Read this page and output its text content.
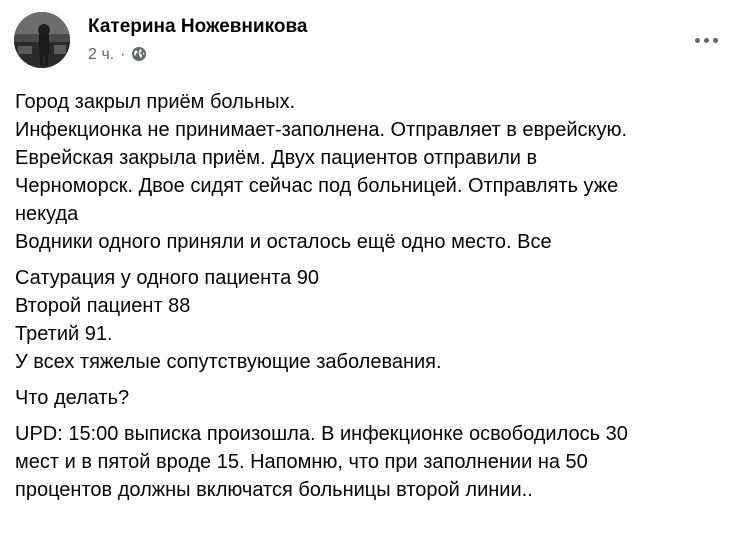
Катерина Ножевникова
2 ч. ·
Город закрыл приём больных.
Инфекционка не принимает-заполнена. Отправляет в еврейскую.
Еврейская закрыла приём. Двух пациентов отправили в
Черноморск. Двое сидят сейчас под больницей. Отправлять уже
некуда
Водники одного приняли и осталось ещё одно место. Все
Сатурация у одного пациента 90
Второй пациент 88
Третий 91.
У всех тяжелые сопутствующие заболевания.
Что делать?
UPD: 15:00 выписка произошла. В инфекционке освободилось 30
мест и в пятой вроде 15. Напомню, что при заполнении на 50
процентов должны включатся больницы второй линии..
